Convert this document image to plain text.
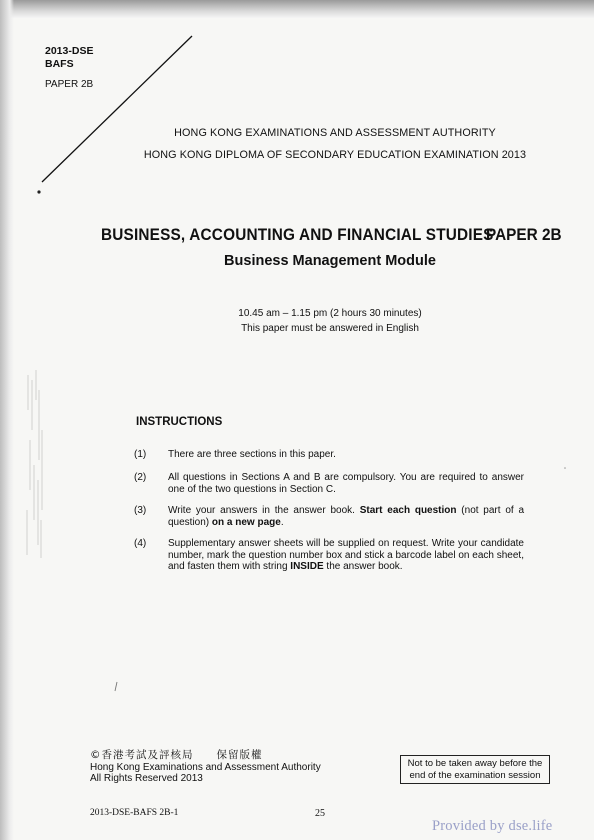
2013-DSE
BAFS
PAPER 2B
HONG KONG EXAMINATIONS AND ASSESSMENT AUTHORITY
HONG KONG DIPLOMA OF SECONDARY EDUCATION EXAMINATION 2013
BUSINESS, ACCOUNTING AND FINANCIAL STUDIES
PAPER 2B
Business Management Module
10.45 am – 1.15 pm (2 hours 30 minutes)
This paper must be answered in English
INSTRUCTIONS
(1)	There are three sections in this paper.
(2)	All questions in Sections A and B are compulsory. You are required to answer one of the two questions in Section C.
(3)	Write your answers in the answer book. Start each question (not part of a question) on a new page.
(4)	Supplementary answer sheets will be supplied on request. Write your candidate number, mark the question number box and stick a barcode label on each sheet, and fasten them with string INSIDE the answer book.
©香港考試及評核局　　保留版權
Hong Kong Examinations and Assessment Authority
All Rights Reserved 2013
Not to be taken away before the end of the examination session
2013-DSE-BAFS 2B-1	25
Provided by dse.life
